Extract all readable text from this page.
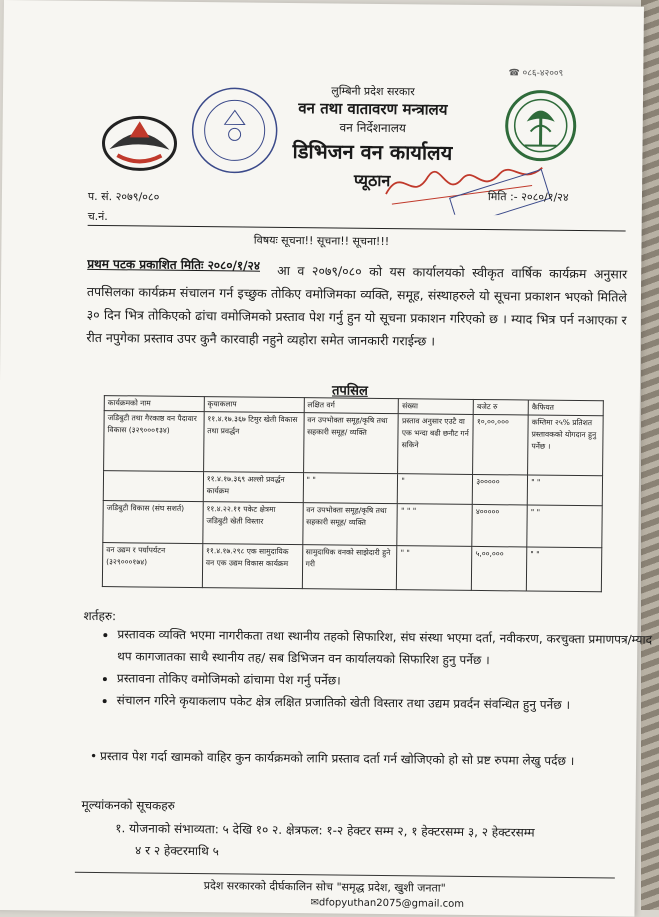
☎ ०८६-४२००९
लुम्बिनी प्रदेश सरकार
वन तथा वातावरण मन्त्रालय
वन निर्देशनालय
डिभिजन वन कार्यालय
प्यूठान
प. सं. २०७९/०८०
च.नं.
मिति :- २०८०/१/२४
विषयः सूचना!! सूचना!! सूचना!!!
प्रथम पटक प्रकाशित मितिः २०८०/१/२४	आ व २०७९/०८० को यस कार्यालयको स्वीकृत वार्षिक कार्यक्रम अनुसार तपसिलका कार्यक्रम संचालन गर्न इच्छुक तोकिए वमोजिमका व्यक्ति, समूह, संस्थाहरुले यो सूचना प्रकाशन भएको मितिले ३० दिन भित्र तोकिएको ढांचा वमोजिमको प्रस्ताव पेश गर्नु हुन यो सूचना प्रकाशन गरिएको छ । म्याद भित्र पर्न नआएका र रीत नपुगेका प्रस्ताव उपर कुनै कारवाही नहुने व्यहोरा समेत जानकारी गराईन्छ ।
तपसिल
कार्यक्रमको नाम	कृयाकलाप	लक्षित वर्ग	संख्या	बजेट रु	कैफियत
जडिबुटी तथा गैरकाष्ठ वन पैदावार विकास (३२९०००१३४)	११.४.१७.३६७ टिमुर खेती विकास तथा प्रवर्द्धन	वन उपभोक्ता समूह/कृषि तथा सहकारी समूह/ व्यक्ति	प्रस्ताव अनुसार एउटै वा एक भन्दा बढी छनौट गर्न सकिने	१०,००,०००	कम्तिमा २५% प्रतिशत प्रस्तावकको योगदान हुनु पर्नेछ ।
	११.४.१७.३६९ अल्लो प्रवर्द्धन कार्यक्रम	" "	"	३०००००	" "
जडिबुटी विकास (संघ सशर्त)	११.४.२२.११ पकेट क्षेत्रमा जडिबुटी खेती विस्तार	वन उपभोक्ता समूह/कृषि तथा सहकारी समूह/ व्यक्ति	" " "	४०००००	" "
वन उद्यम र पर्यापर्यटन (३२९०००१७४)	११.४.१७.२९८ एक सामुदायिक वन एक उद्यम विकास कार्यक्रम	सामुदायिक वनको साझेदारी हुने गरी	" "	५,००,०००	" "
शर्तहरु:
• प्रस्तावक व्यक्ति भएमा नागरीकता तथा स्थानीय तहको सिफारिश, संघ संस्था भएमा दर्ता, नवीकरण, करचुक्ता प्रमाणपत्र/म्याद थप कागजातका साथै स्थानीय तह/ सब डिभिजन वन कार्यालयको सिफारिश हुनु पर्नेछ ।
• प्रस्तावना तोकिए वमोजिमको ढांचामा पेश गर्नु पर्नेछ।
• संचालन गरिने कृयाकलाप पकेट क्षेत्र लक्षित प्रजातिको खेती विस्तार तथा उद्यम प्रवर्दन संवन्धित हुनु पर्नेछ ।
• प्रस्ताव पेश गर्दा खामको वाहिर कुन कार्यक्रमको लागि प्रस्ताव दर्ता गर्न खोजिएको हो सो प्रष्ट रुपमा लेखु पर्दछ ।
मूल्यांकनको सूचकहरु
१. योजनाको संभाव्यता: ५ देखि १० २. क्षेत्रफल: १-२ हेक्टर सम्म २, १ हेक्टरसम्म ३, २ हेक्टरसम्म
४ र २ हेक्टरमाथि ५
प्रदेश सरकारको दीर्घकालिन सोच "समृद्ध प्रदेश, खुशी जनता"
✉dfopyuthan2075@gmail.com
